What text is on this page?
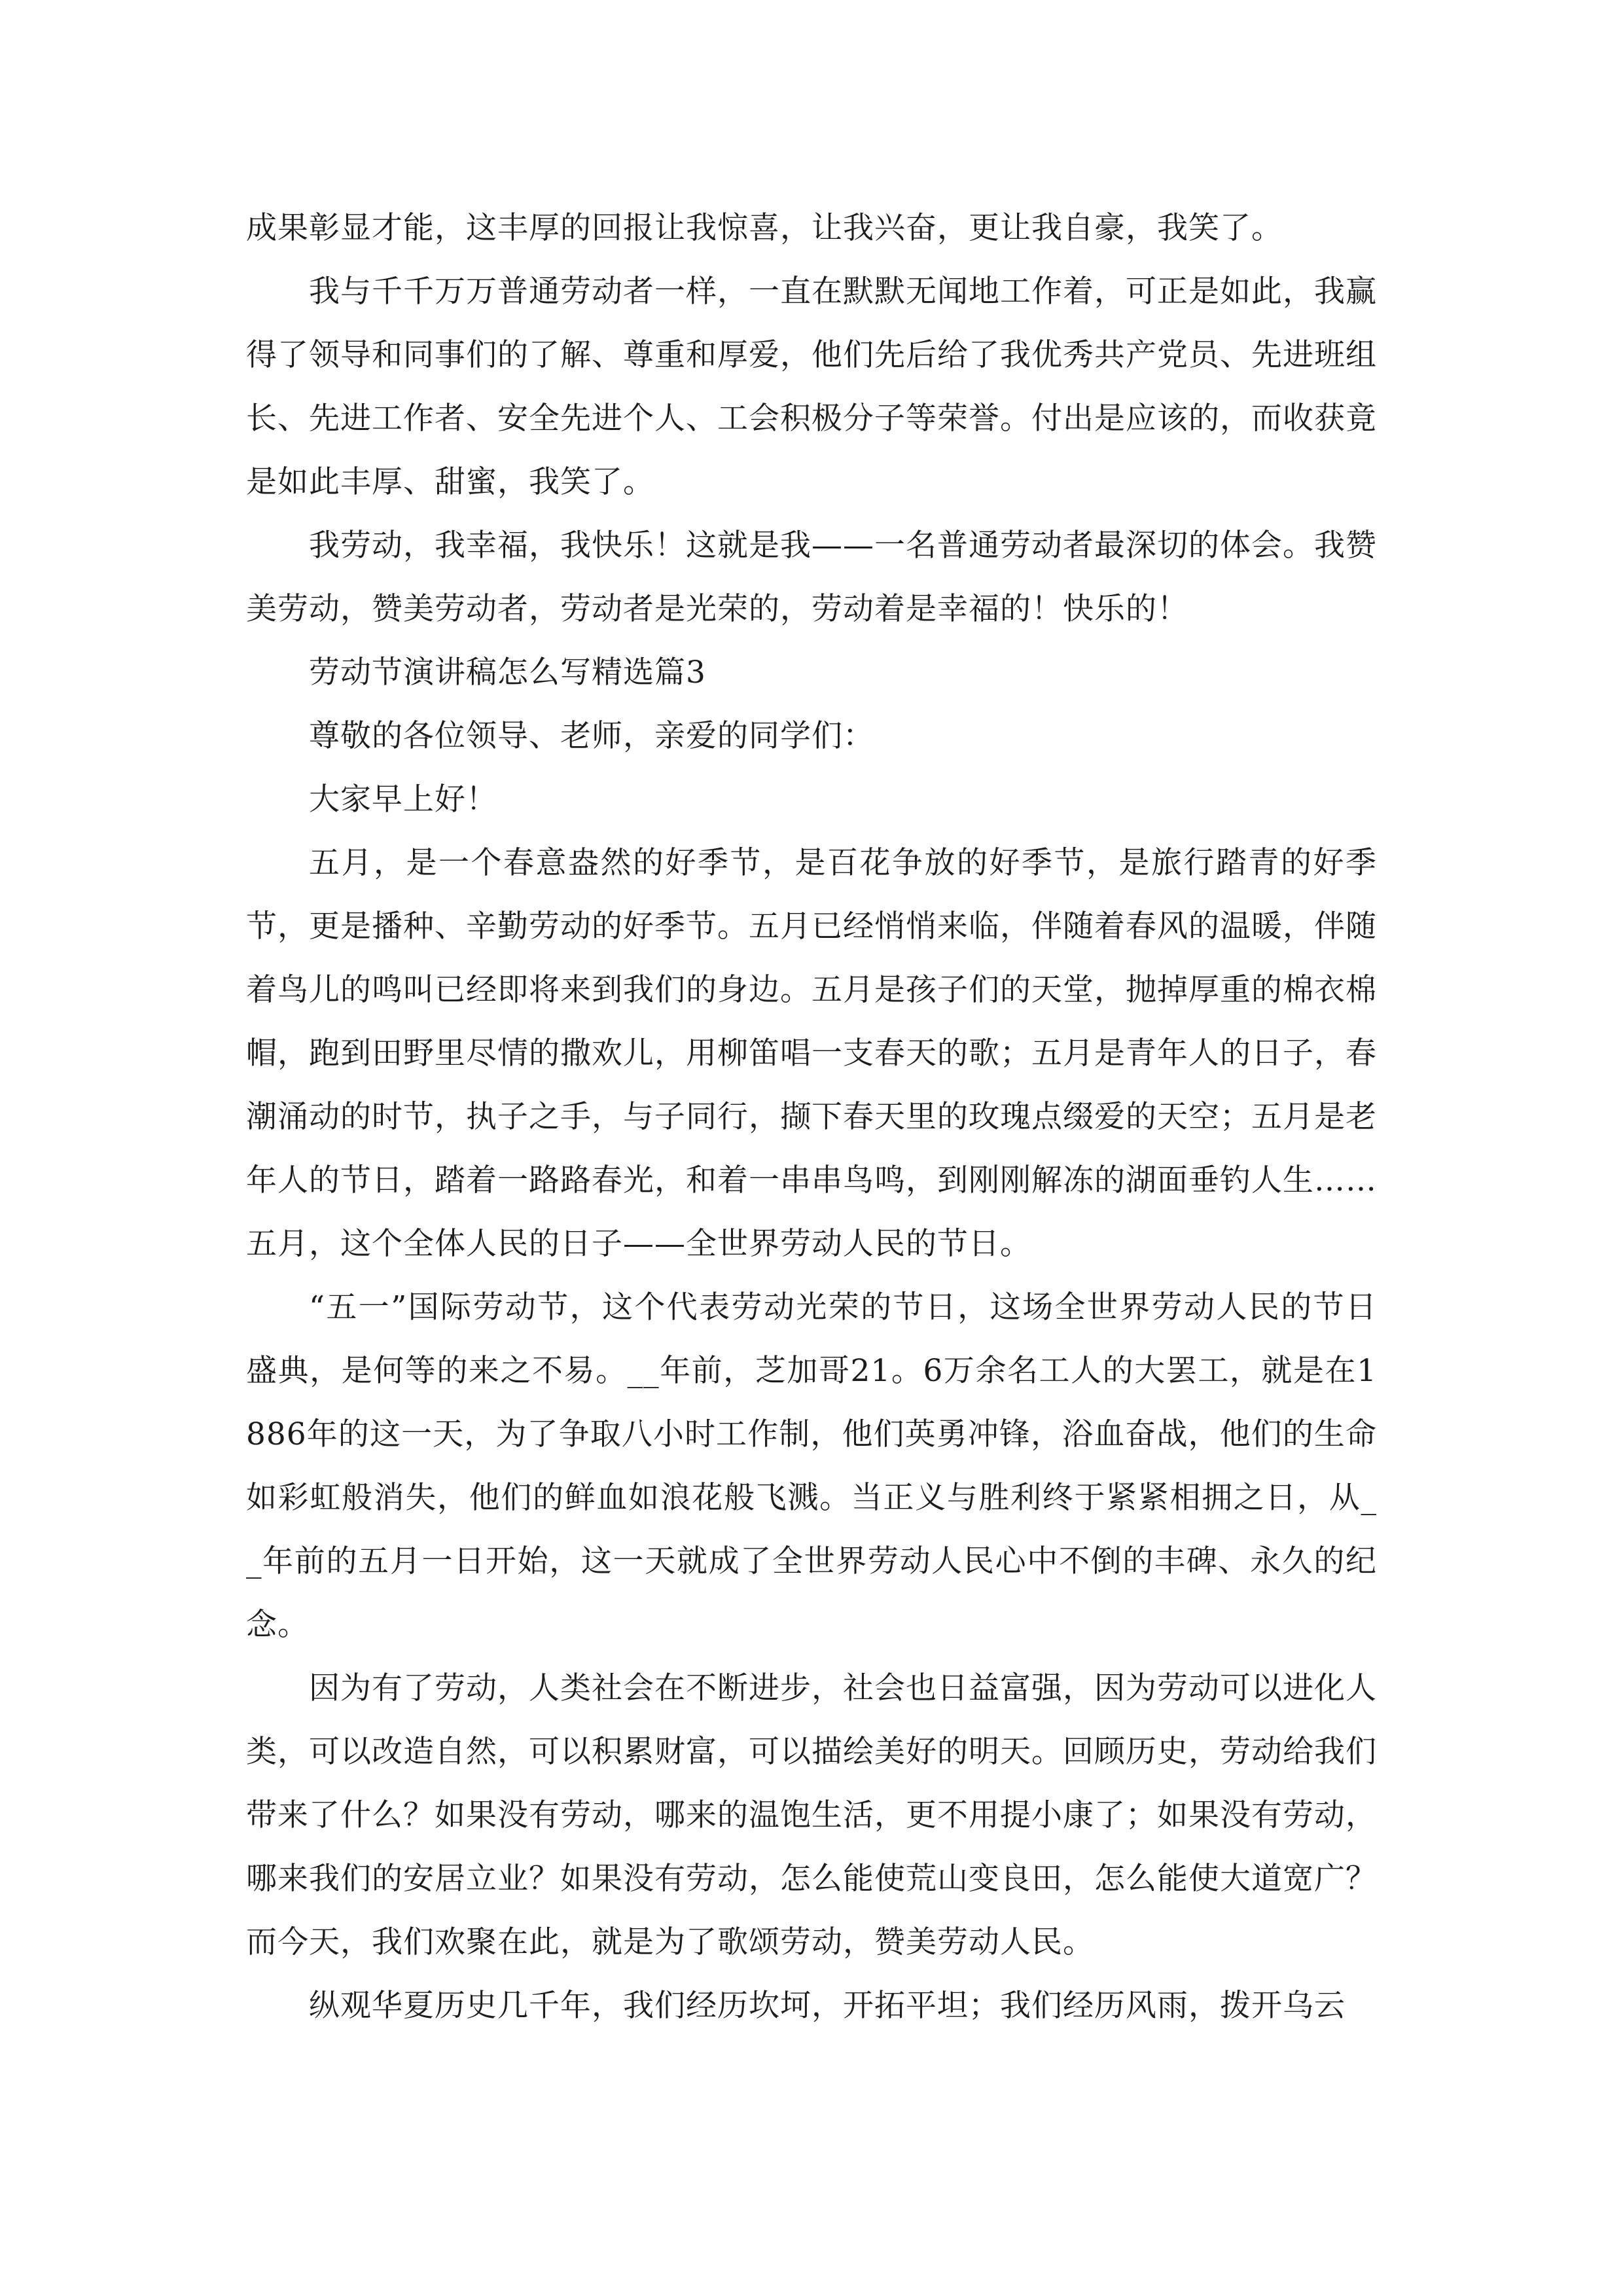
成果彰显才能，这丰厚的回报让我惊喜，让我兴奋，更让我自豪，我笑了。

我与千千万万普通劳动者一样，一直在默默无闻地工作着，可正是如此，我赢得了领导和同事们的了解、尊重和厚爱，他们先后给了我优秀共产党员、先进班组长、先进工作者、安全先进个人、工会积极分子等荣誉。付出是应该的，而收获竟是如此丰厚、甜蜜，我笑了。

我劳动，我幸福，我快乐！这就是我——一名普通劳动者最深切的体会。我赞美劳动，赞美劳动者，劳动者是光荣的，劳动着是幸福的！快乐的！

劳动节演讲稿怎么写精选篇3

尊敬的各位领导、老师，亲爱的同学们：

大家早上好！

五月，是一个春意盎然的好季节，是百花争放的好季节，是旅行踏青的好季节，更是播种、辛勤劳动的好季节。五月已经悄悄来临，伴随着春风的温暖，伴随着鸟儿的鸣叫已经即将来到我们的身边。五月是孩子们的天堂，抛掉厚重的棉衣棉帽，跑到田野里尽情的撒欢儿，用柳笛唱一支春天的歌；五月是青年人的日子，春潮涌动的时节，执子之手，与子同行，撷下春天里的玫瑰点缀爱的天空；五月是老年人的节日，踏着一路路春光，和着一串串鸟鸣，到刚刚解冻的湖面垂钓人生……五月，这个全体人民的日子——全世界劳动人民的节日。

“五一”国际劳动节，这个代表劳动光荣的节日，这场全世界劳动人民的节日盛典，是何等的来之不易。__年前，芝加哥21。6万余名工人的大罢工，就是在1886年的这一天，为了争取八小时工作制，他们英勇冲锋，浴血奋战，他们的生命如彩虹般消失，他们的鲜血如浪花般飞溅。当正义与胜利终于紧紧相拥之日，从__年前的五月一日开始，这一天就成了全世界劳动人民心中不倒的丰碑、永久的纪念。

因为有了劳动，人类社会在不断进步，社会也日益富强，因为劳动可以进化人类，可以改造自然，可以积累财富，可以描绘美好的明天。回顾历史，劳动给我们带来了什么？如果没有劳动，哪来的温饱生活，更不用提小康了；如果没有劳动，哪来我们的安居立业？如果没有劳动，怎么能使荒山变良田，怎么能使大道宽广？而今天，我们欢聚在此，就是为了歌颂劳动，赞美劳动人民。

纵观华夏历史几千年，我们经历坎坷，开拓平坦；我们经历风雨，拨开乌云
